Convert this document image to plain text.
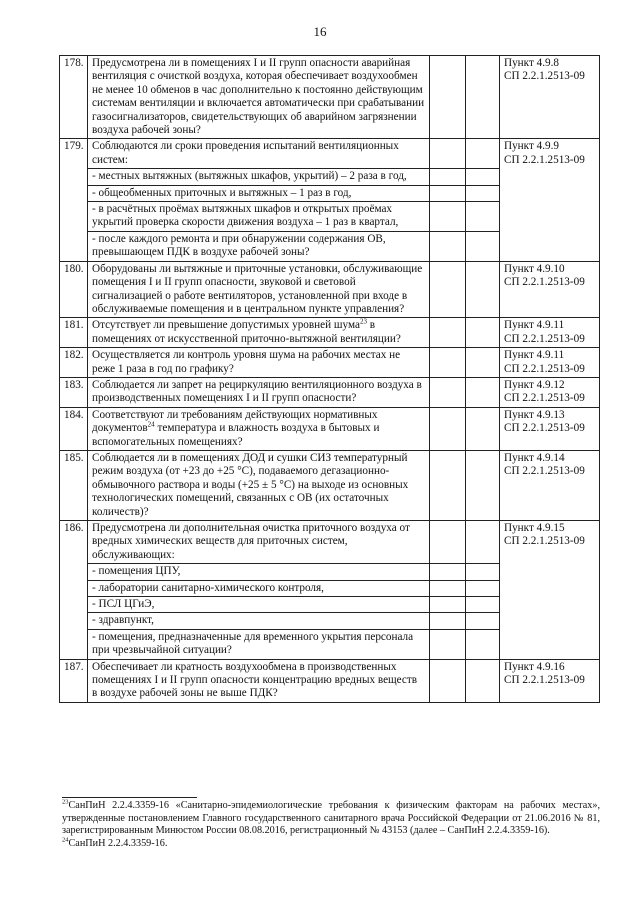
16
178.	Предусмотрена ли в помещениях I и II групп опасности аварийная вентиляция с очисткой воздуха, которая обеспечивает воздухообмен не менее 10 обменов в час дополнительно к постоянно действующим системам вентиляции и включается автоматически при срабатывании газосигнализаторов, свидетельствующих об аварийном загрязнении воздуха рабочей зоны?			Пункт 4.9.8
СП 2.2.1.2513-09

179.	Соблюдаются ли сроки проведения испытаний вентиляционных систем:			Пункт 4.9.9
СП 2.2.1.2513-09

	- местных вытяжных (вытяжных шкафов, укрытий) – 2 раза в год,			
	- общеобменных приточных и вытяжных – 1 раз в год,			
	- в расчётных проёмах вытяжных шкафов и открытых проёмах укрытий проверка скорости движения воздуха – 1 раз в квартал,			
	- после каждого ремонта и при обнаружении содержания ОВ, превышающем ПДК в воздухе рабочей зоны?			
180.	Оборудованы ли вытяжные и приточные установки, обслуживающие помещения I и II групп опасности, звуковой и световой сигнализацией о работе вентиляторов, установленной при входе в обслуживаемые помещения и в центральном пункте управления?			Пункт 4.9.10
СП 2.2.1.2513-09

181.	Отсутствует ли превышение допустимых уровней шума$^{23}$ в помещениях от искусственной приточно-вытяжной вентиляции?			Пункт 4.9.11
СП 2.2.1.2513-09

182.	Осуществляется ли контроль уровня шума на рабочих местах не реже 1 раза в год по графику?			Пункт 4.9.11
СП 2.2.1.2513-09

183.	Соблюдается ли запрет на рециркуляцию вентиляционного воздуха в производственных помещениях I и II групп опасности?			Пункт 4.9.12
СП 2.2.1.2513-09

184.	Соответствуют ли требованиям действующих нормативных документов$^{24}$ температура и влажность воздуха в бытовых и вспомогательных помещениях?			Пункт 4.9.13
СП 2.2.1.2513-09

185.	Соблюдается ли в помещениях ДОД и сушки СИЗ температурный режим воздуха (от +23 до +25 °С), подаваемого дегазационно-обмывочного раствора и воды (+25 ± 5 °С) на выходе из основных технологических помещений, связанных с ОВ (их остаточных количеств)?			Пункт 4.9.14
СП 2.2.1.2513-09

186.	Предусмотрена ли дополнительная очистка приточного воздуха от вредных химических веществ для приточных систем, обслуживающих:			Пункт 4.9.15
СП 2.2.1.2513-09

	- помещения ЦПУ,			
	- лаборатории санитарно-химического контроля,			
	- ПСЛ ЦГиЭ,			
	- здравпункт,			
	- помещения, предназначенные для временного укрытия персонала при чрезвычайной ситуации?			
187.	Обеспечивает ли кратность воздухообмена в производственных помещениях I и II групп опасности концентрацию вредных веществ в воздухе рабочей зоны не выше ПДК?			Пункт 4.9.16
СП 2.2.1.2513-09

$^{23}$СанПиН 2.2.4.3359-16 «Санитарно-эпидемиологические требования к физическим факторам на рабочих местах», утвержденные постановлением Главного государственного санитарного врача Российской Федерации от 21.06.2016 № 81, зарегистрированным Минюстом России 08.08.2016, регистрационный № 43153 (далее – СанПиН 2.2.4.3359-16).

$^{24}$СанПиН 2.2.4.3359-16.
